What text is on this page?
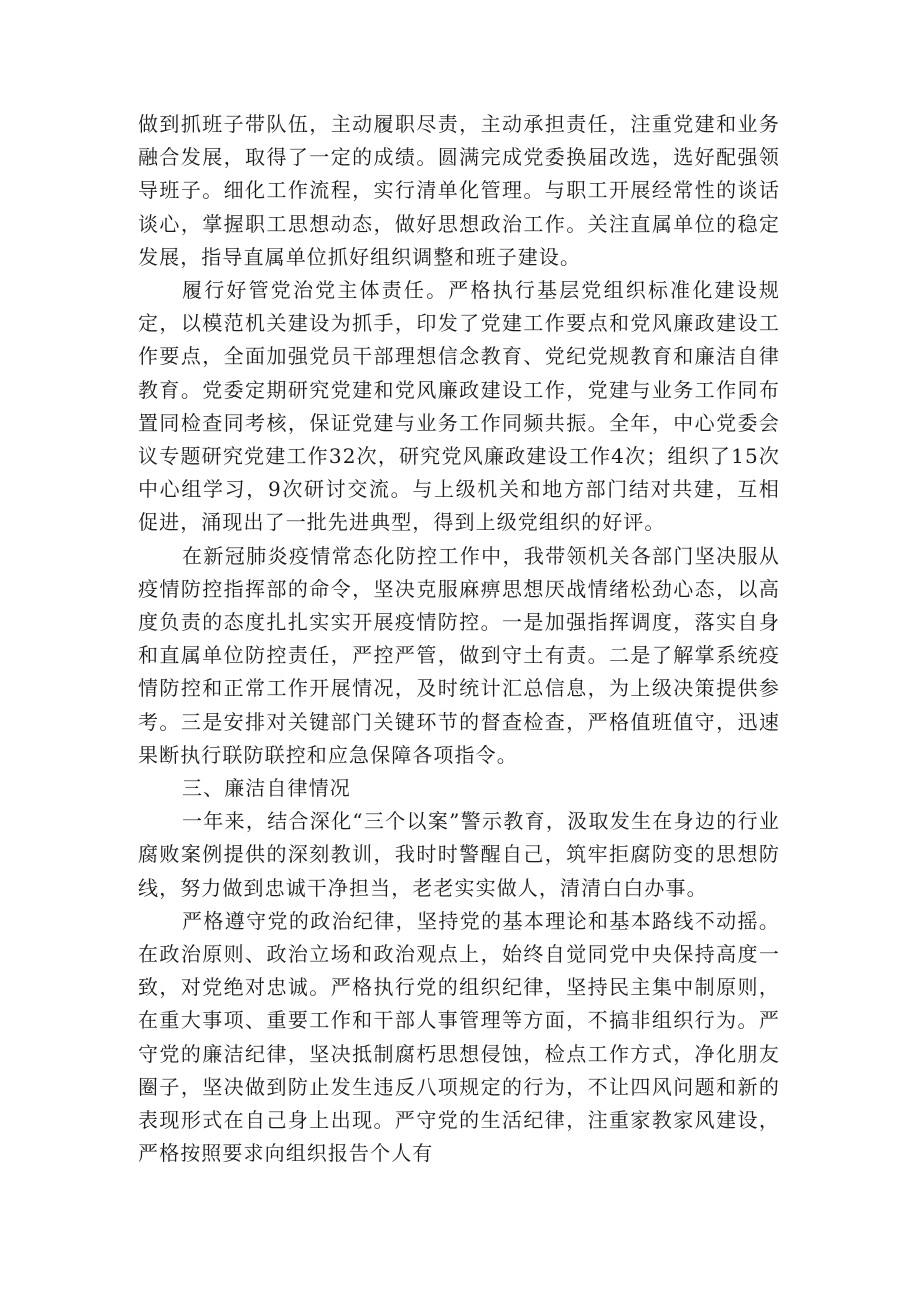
做到抓班子带队伍，主动履职尽责，主动承担责任，注重党建和业务融合发展，取得了一定的成绩。圆满完成党委换届改选，选好配强领导班子。细化工作流程，实行清单化管理。与职工开展经常性的谈话谈心，掌握职工思想动态，做好思想政治工作。关注直属单位的稳定发展，指导直属单位抓好组织调整和班子建设。

履行好管党治党主体责任。严格执行基层党组织标准化建设规定，以模范机关建设为抓手，印发了党建工作要点和党风廉政建设工作要点，全面加强党员干部理想信念教育、党纪党规教育和廉洁自律教育。党委定期研究党建和党风廉政建设工作，党建与业务工作同布置同检查同考核，保证党建与业务工作同频共振。全年，中心党委会议专题研究党建工作32次，研究党风廉政建设工作4次；组织了15次中心组学习，9次研讨交流。与上级机关和地方部门结对共建，互相促进，涌现出了一批先进典型，得到上级党组织的好评。

在新冠肺炎疫情常态化防控工作中，我带领机关各部门坚决服从疫情防控指挥部的命令，坚决克服麻痹思想厌战情绪松劲心态，以高度负责的态度扎扎实实开展疫情防控。一是加强指挥调度，落实自身和直属单位防控责任，严控严管，做到守土有责。二是了解掌系统疫情防控和正常工作开展情况，及时统计汇总信息，为上级决策提供参考。三是安排对关键部门关键环节的督查检查，严格值班值守，迅速果断执行联防联控和应急保障各项指令。

三、廉洁自律情况

一年来，结合深化“三个以案”警示教育，汲取发生在身边的行业腐败案例提供的深刻教训，我时时警醒自己，筑牢拒腐防变的思想防线，努力做到忠诚干净担当，老老实实做人，清清白白办事。

严格遵守党的政治纪律，坚持党的基本理论和基本路线不动摇。在政治原则、政治立场和政治观点上，始终自觉同党中央保持高度一致，对党绝对忠诚。严格执行党的组织纪律，坚持民主集中制原则，在重大事项、重要工作和干部人事管理等方面，不搞非组织行为。严守党的廉洁纪律，坚决抵制腐朽思想侵蚀，检点工作方式，净化朋友圈子，坚决做到防止发生违反八项规定的行为，不让四风问题和新的表现形式在自己身上出现。严守党的生活纪律，注重家教家风建设，严格按照要求向组织报告个人有
